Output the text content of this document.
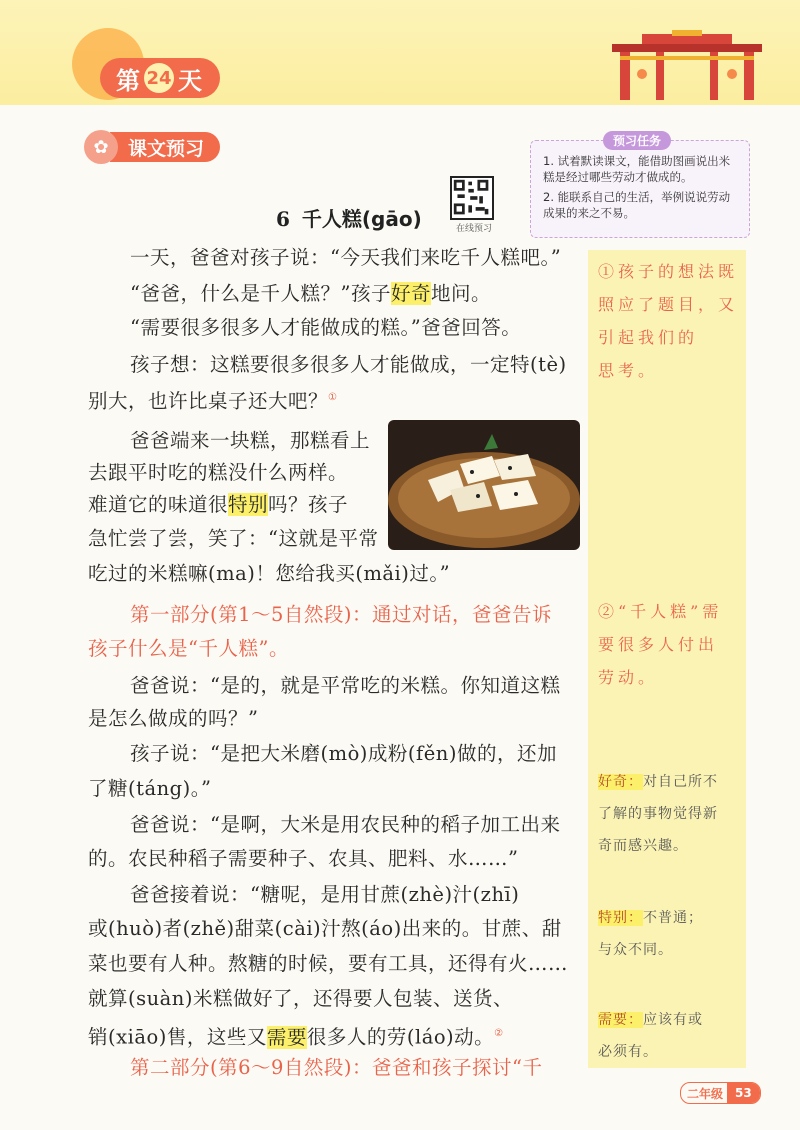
第 24 天
✿	课文预习	预习任务
1. 试着默读课文，能借助图画说出米糕是经过哪些劳动才做成的。
2. 能联系自己的生活，举例说说劳动成果的来之不易。
在线预习
6 千人糕(gāo)
一天，爸爸对孩子说：“今天我们来吃千人糕吧。”
“爸爸，什么是千人糕？”孩子好奇地问。
“需要很多很多人才能做成的糕。”爸爸回答。
孩子想：这糕要很多很多人才能做成，一定特(tè)
别大，也许比桌子还大吧？①
爸爸端来一块糕，那糕看上
去跟平时吃的糕没什么两样。
难道它的味道很特别吗？孩子
急忙尝了尝，笑了：“这就是平常
吃过的米糕嘛(ma)！您给我买(mǎi)过。”
第一部分(第1～5自然段)：通过对话，爸爸告诉
孩子什么是“千人糕”。
爸爸说：“是的，就是平常吃的米糕。你知道这糕
是怎么做成的吗？”
孩子说：“是把大米磨(mò)成粉(fěn)做的，还加
了糖(táng)。”
爸爸说：“是啊，大米是用农民种的稻子加工出来
的。农民种稻子需要种子、农具、肥料、水……”
爸爸接着说：“糖呢，是用甘蔗(zhè)汁(zhī)
或(huò)者(zhě)甜菜(cài)汁熬(áo)出来的。甘蔗、甜
菜也要有人种。熬糖的时候，要有工具，还得有火……
就算(suàn)米糕做好了，还得要人包装、送货、
销(xiāo)售，这些又需要很多人的劳(láo)动。②
第二部分(第6～9自然段)：爸爸和孩子探讨“千
①孩子的想法既
照应了题目，又
引起我们的
思考。
②“千人糕”需
要很多人付出
劳动。
好奇：对自己所不
了解的事物觉得新
奇而感兴趣。
特别：不普通；
与众不同。
需要：应该有或
必须有。
二年级	53
